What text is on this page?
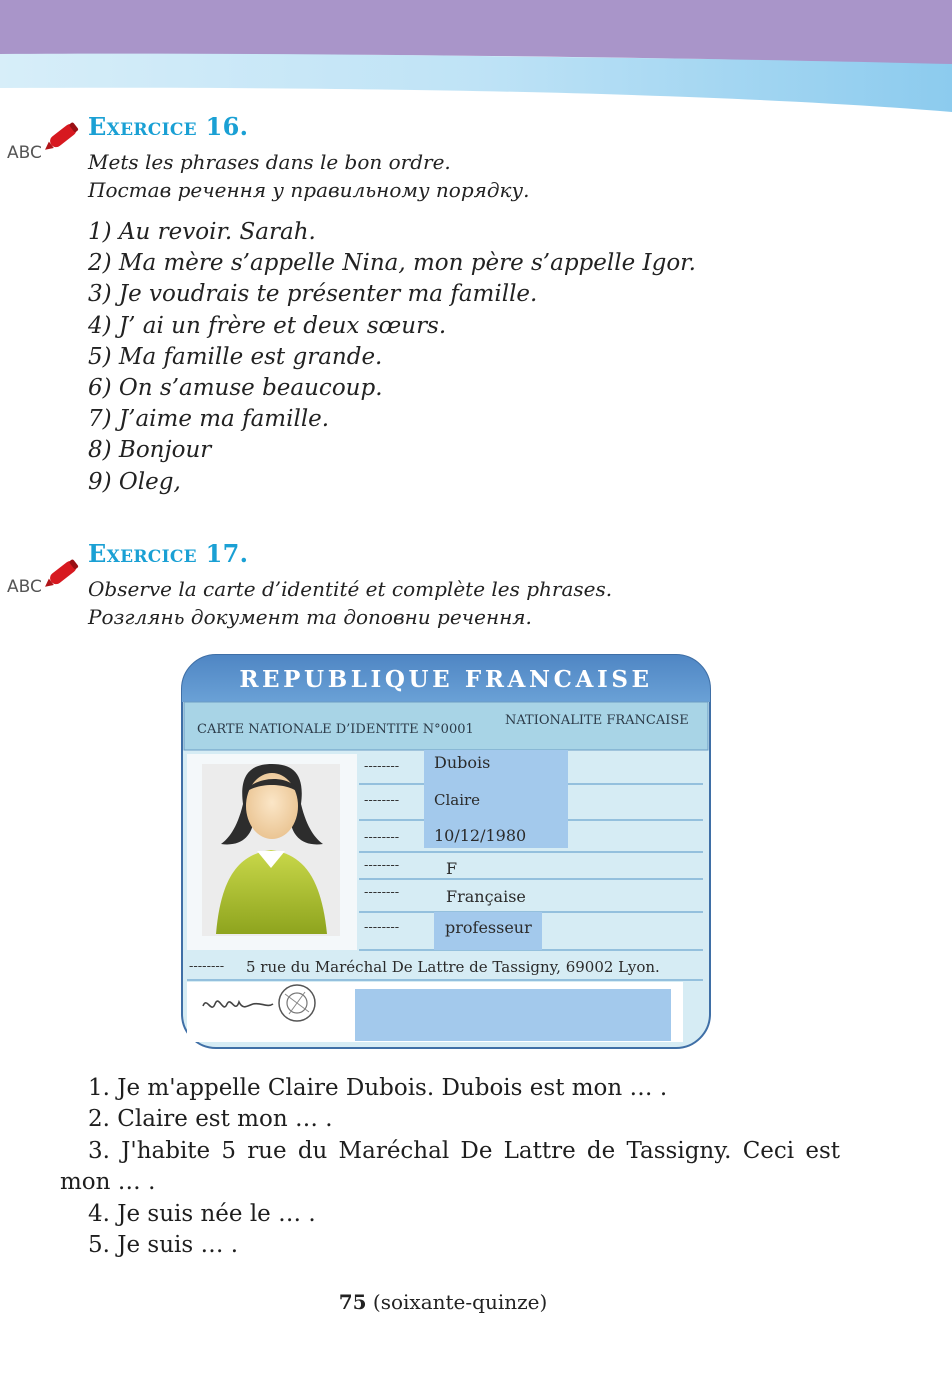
ABC
Exercice 16.
Mets les phrases dans le bon ordre.
Постав речення у правильному порядку.
1) Au revoir. Sarah.
2) Ma mère s’appelle Nina, mon père s’appelle Igor.
3) Je voudrais te présenter ma famille.
4) J’ ai un frère et deux sœurs.
5) Ma famille est grande.
6) On s’amuse beaucoup.
7) J’aime ma famille.
8) Bonjour
9) Oleg,
ABC
Exercice 17.
Observe la carte d’identité et complète les phrases.
Розглянь документ та доповни речення.
REPUBLIQUE FRANCAISE
CARTE NATIONALE D’IDENTITE N°0001
NATIONALITE FRANCAISE
--------
--------
--------
--------
--------
--------
--------
Dubois
Claire
10/12/1980
F
Française
professeur
5 rue du Maréchal De Lattre de Tassigny, 69002 Lyon.

1. Je m'appelle Claire Dubois. Dubois est mon … .

2. Claire est mon … .

3. J'habite 5 rue du Maréchal De Lattre de Tassigny. Ceci est mon … .

4. Je suis née le … .

5. Je suis … .

75 (soixante-quinze)
